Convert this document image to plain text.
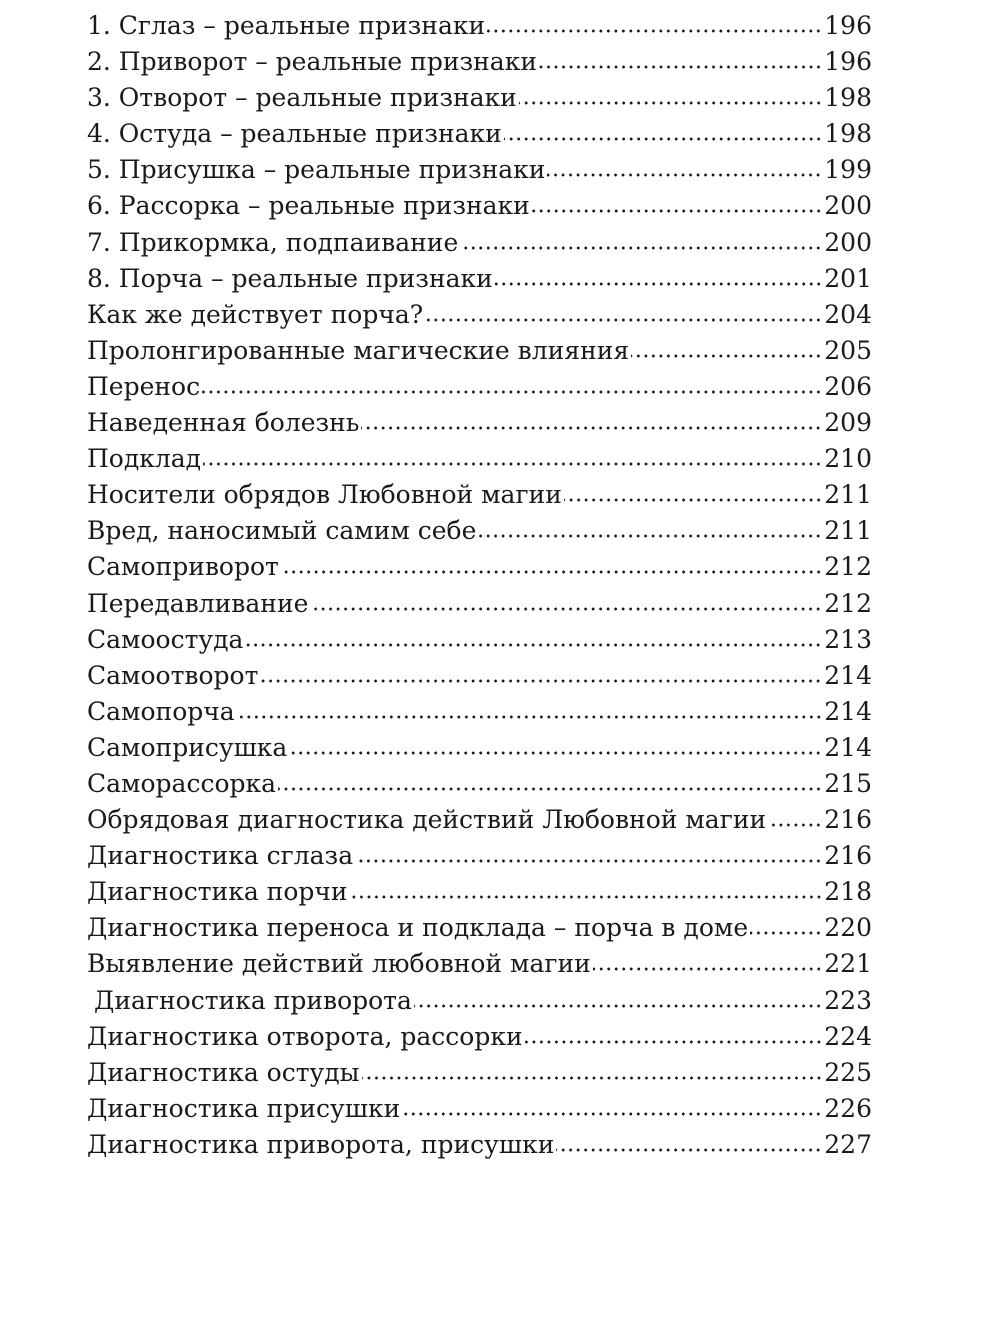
1. Сглаз – реальные признаки	196
2. Приворот – реальные признаки	196
3. Отворот – реальные признаки	198
4. Остуда – реальные признаки	198
5. Присушка – реальные признаки	199
6. Рассорка – реальные признаки	200
7. Прикормка, подпаивание	200
8. Порча – реальные признаки	201
Как же действует порча?	204
Пролонгированные магические влияния	205
Перенос	206
Наведенная болезнь	209
Подклад	210
Носители обрядов Любовной магии	211
Вред, наносимый самим себе	211
Самоприворот	212
Передавливание	212
Самоостуда	213
Самоотворот	214
Самопорча	214
Самоприсушка	214
Саморассорка	215
Обрядовая диагностика действий Любовной магии 216
Диагностика сглаза	216
Диагностика порчи	218
Диагностика переноса и подклада – порча в доме	220
Выявление действий любовной магии	221
Диагностика приворота	223
Диагностика отворота, рассорки	224
Диагностика остуды	225
Диагностика присушки	226
Диагностика приворота, присушки	227
